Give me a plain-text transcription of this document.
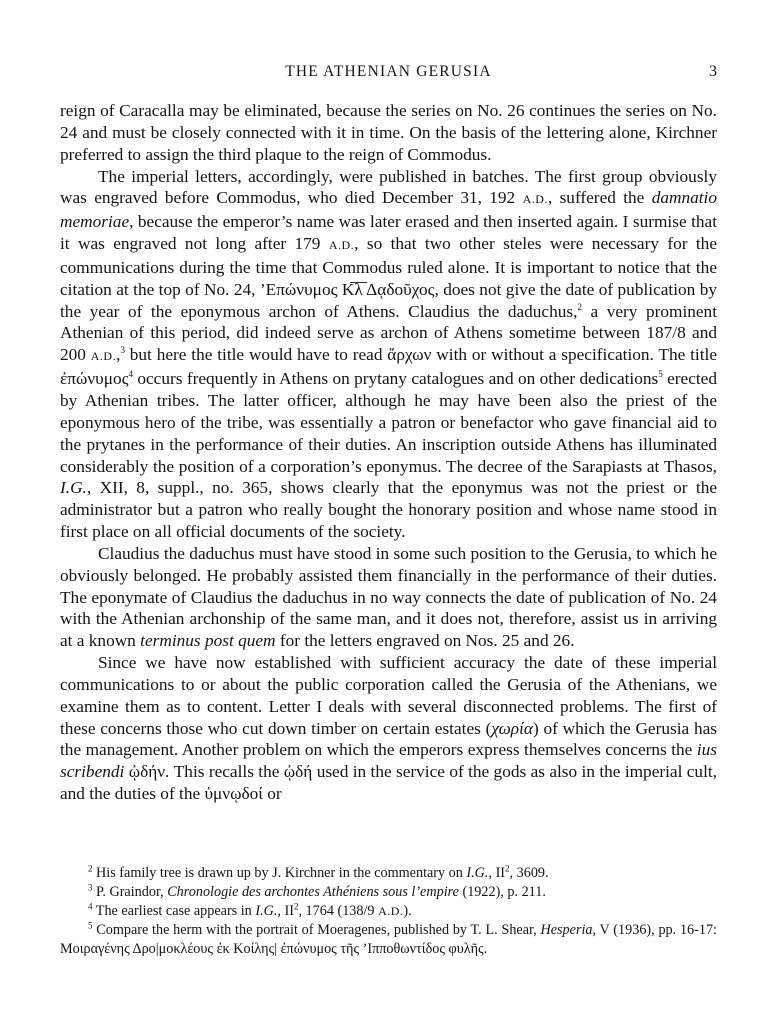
THE ATHENIAN GERUSIA	3

reign of Caracalla may be eliminated, because the series on No. 26 continues the series on No. 24 and must be closely connected with it in time. On the basis of the lettering alone, Kirchner preferred to assign the third plaque to the reign of Commodus.

The imperial letters, accordingly, were published in batches. The first group obviously was engraved before Commodus, who died December 31, 192 A.D., suffered the damnatio memoriae, because the emperor’s name was later erased and then inserted again. I surmise that it was engraved not long after 179 A.D., so that two other steles were necessary for the communications during the time that Commodus ruled alone. It is important to notice that the citation at the top of No. 24, ’Επώνυμος Κ̅λ̅ Δᾳδοῦχος, does not give the date of publication by the year of the eponymous archon of Athens. Claudius the daduchus,$^2$ a very prominent Athenian of this period, did indeed serve as archon of Athens sometime between 187/8 and 200 A.D.,$^3$ but here the title would have to read ἄρχων with or without a specification. The title ἐπώνυμος$^4$ occurs frequently in Athens on prytany catalogues and on other dedications$^5$ erected by Athenian tribes. The latter officer, although he may have been also the priest of the eponymous hero of the tribe, was essentially a patron or benefactor who gave financial aid to the prytanes in the performance of their duties. An inscription outside Athens has illuminated considerably the position of a corporation’s eponymus. The decree of the Sarapiasts at Thasos, I.G., XII, 8, suppl., no. 365, shows clearly that the eponymus was not the priest or the administrator but a patron who really bought the honorary position and whose name stood in first place on all official documents of the society.

Claudius the daduchus must have stood in some such position to the Gerusia, to which he obviously belonged. He probably assisted them financially in the performance of their duties. The eponymate of Claudius the daduchus in no way connects the date of publication of No. 24 with the Athenian archonship of the same man, and it does not, therefore, assist us in arriving at a known terminus post quem for the letters engraved on Nos. 25 and 26.

Since we have now established with sufficient accuracy the date of these imperial communications to or about the public corporation called the Gerusia of the Athenians, we examine them as to content. Letter I deals with several disconnected problems. The first of these concerns those who cut down timber on certain estates (χωρία) of which the Gerusia has the management. Another problem on which the emperors express themselves concerns the ius scribendi ᾠδήν. This recalls the ᾠδή used in the service of the gods as also in the imperial cult, and the duties of the ὑμνῳδοί or

$^2$ His family tree is drawn up by J. Kirchner in the commentary on I.G., $II^2$, 3609.

$^3$ P. Graindor, Chronologie des archontes Athéniens sous l’empire (1922), p. 211.

$^4$ The earliest case appears in I.G., $II^2$, 1764 (138/9 A.D.).

$^5$ Compare the herm with the portrait of Moeragenes, published by T. L. Shear, Hesperia, V (1936), pp. 16-17: Μοιραγένης Δρο|μοκλέους ἐκ Κοίλης| ἐπώνυμος τῆς ’Ιπποθωντίδος φυλῆς.
